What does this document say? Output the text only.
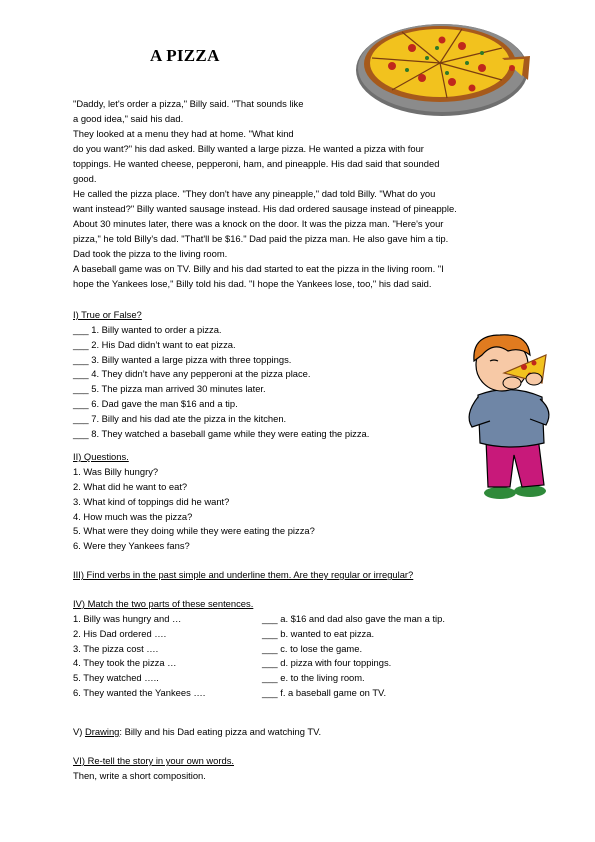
A PIZZA
"Daddy, let's order a pizza," Billy said. "That sounds like
a good idea," said his dad.
They looked at a menu they had at home. "What kind
do you want?" his dad asked. Billy wanted a large pizza. He wanted a pizza with four
toppings. He wanted cheese, pepperoni, ham, and pineapple. His dad said that sounded
good.
He called the pizza place. "They don't have any pineapple," dad told Billy. "What do you
want instead?" Billy wanted sausage instead. His dad ordered sausage instead of pineapple.
About 30 minutes later, there was a knock on the door. It was the pizza man. "Here's your
pizza," he told Billy's dad. "That'll be $16." Dad paid the pizza man. He also gave him a tip.
Dad took the pizza to the living room.
A baseball game was on TV. Billy and his dad started to eat the pizza in the living room. "I
hope the Yankees lose," Billy told his dad. "I hope the Yankees lose, too," his dad said.
I) True or False?
___ 1. Billy wanted to order a pizza.
___ 2. His Dad didn’t want to eat pizza.
___ 3. Billy wanted a large pizza with three toppings.
___ 4. They didn’t have any pepperoni at the pizza place.
___ 5. The pizza man arrived 30 minutes later.
___ 6. Dad gave the man $16 and a tip.
___ 7. Billy and his dad ate the pizza in the kitchen.
___ 8. They watched a baseball game while they were eating the pizza.
II) Questions.
1. Was Billy hungry?
2. What did he want to eat?
3. What kind of toppings did he want?
4. How much was the pizza?
5. What were they doing while they were eating the pizza?
6. Were they Yankees fans?
III) Find verbs in the past simple and underline them. Are they regular or irregular?
IV) Match the two parts of these sentences.
1. Billy was hungry and …
2. His Dad ordered ….
3. The pizza cost ….
4. They took the pizza …
5. They watched …..
6. They wanted the Yankees ….
___ a. $16 and dad also gave the man a tip.
___ b. wanted to eat pizza.
___ c. to lose the game.
___ d. pizza with four toppings.
___ e. to the living room.
___ f. a baseball game on TV.
V) Drawing: Billy and his Dad eating pizza and watching TV.
VI) Re-tell the story in your own words.
Then, write a short composition.
